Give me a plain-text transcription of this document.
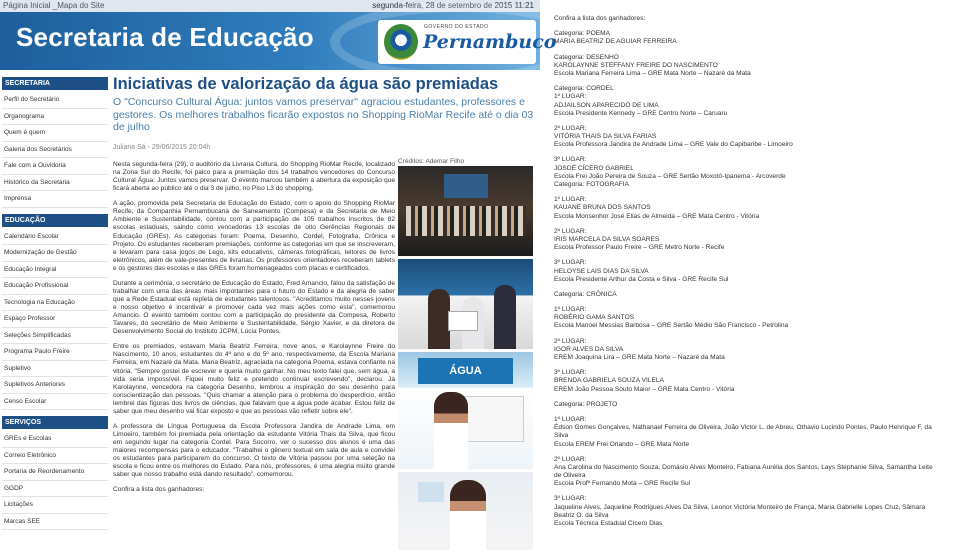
Página Inicial _Mapa do Site	segunda-feira, 28 de setembro de 2015 11:21
Secretaria de Educação	GOVERNO DO ESTADO
Pernambuco
SECRETARIA
Perfil do Secretário
Organograma
Quem é quem
Galeria dos Secretários
Fale com a Ouvidoria
Histórico da Secretaria
Imprensa
EDUCAÇÃO
Calendário Escolar
Modernização de Gestão
Educação Integral
Educação Profissional
Tecnologia na Educação
Espaço Professor
Seleções Simplificadas
Programa Paulo Freire
Supletivo
Supletivos Anteriores
Censo Escolar
SERVIÇOS
GREs e Escolas
Correio Eletrônico
Portaria de Reordenamento
GGDP
Licitações
Marcas SEE
Iniciativas de valorização da água são premiadas
O "Concurso Cultural Água: juntos vamos preservar" agraciou estudantes, professores e gestores. Os melhores trabalhos ficarão expostos no Shopping RioMar Recife até o dia 03 de julho
Juliana Sá - 29/06/2015 20:04h

Nesta segunda-feira (29), o auditório da Livraria Cultura, do Shopping RioMar Recife, localizado na Zona Sul do Recife, foi palco para a premiação dos 14 trabalhos vencedores do Concurso Cultural Água: Juntos vamos preservar. O evento marcou também a abertura da exposição que ficará aberta ao público até o dia 3 de julho, no Piso L3 do shopping.

A ação, promovida pela Secretaria de Educação do Estado, com o apoio do Shopping RioMar Recife, da Companhia Pernambucana de Saneamento (Compesa) e da Secretaria de Meio Ambiente e Sustentabilidade, contou com a participação de 105 trabalhos inscritos de 82 escolas estaduais, saindo como vencedoras 13 escolas de oito Gerências Regionais de Educação (GREs). As categorias foram: Poema, Desenho, Cordel, Fotografia, Crônica e Projeto. Os estudantes receberam premiações, conforme as categorias em que se inscreveram, e levaram para casa jogos de Lego, kits educativos, câmeras fotográficas, leitores de livros eletrônicos, além de vale-presentes de livrarias. Os professores orientadores receberam tablets e os gestores das escolas e das GREs foram homenageados com placas e certificados.

Durante a cerimônia, o secretário de Educação do Estado, Fred Amancio, falou da satisfação de trabalhar com uma das áreas mais importantes para o futuro do Estado e da alegria de saber que a Rede Estadual está repleta de estudantes talentosos. "Acreditamos muito nesses jovens e nosso objetivo é incentivar e promover cada vez mais ações como esta", comemorou Amancio. O evento também contou com a participação do presidente da Compesa, Roberto Tavares, do secretário de Meio Ambiente e Sustentabilidade, Sérgio Xavier, e da diretora de Desenvolvimento Social do Instituto JCPM, Lúcia Pontes.

Entre os premiados, estavam Maria Beatriz Ferreira, nove anos, e Karolaynne Freire do Nascimento, 10 anos, estudantes do 4º ano e do 5º ano, respectivamente, da Escola Mariana Ferreira, em Nazaré da Mata. Maria Beatriz, agraciada na categoria Poema, estava confiante na vitória. "Sempre gostei de escrever e queria muito ganhar. No meu texto falei que, sem água, a vida seria impossível. Fiquei muito feliz e pretendo continuar escrevendo", declarou. Já Karolaynne, vencedora na categoria Desenho, lembrou a inspiração do seu desenho para conscientização das pessoas. "Quis chamar a atenção para o problema do desperdício, então lembrei das figuras dos livros de ciências, que falavam que a água pode acabar. Estou feliz de saber que meu desenho vai ficar exposto e que as pessoas vão refletir sobre ele".

A professora de Língua Portuguesa da Escola Professora Jandira de Andrade Lima, em Limoeiro, também foi premiada pela orientação da estudante Vitória Thais da Silva, que ficou em segundo lugar na categoria Cordel. Para Socorro, ver o sucesso dos alunos é uma das maiores recompensas para o educador. "Trabalhei o gênero textual em sala de aula e convidei os estudantes para participarem do concurso. O texto de Vitória passou por uma seleção na escola e ficou entre os melhores do Estado. Para nós, professores, é uma alegria muito grande saber que nosso trabalho está dando resultado", comemorou.

Confira a lista dos ganhadores:

Créditos: Ademar Filho
ÁGUA
Confira a lista dos ganhadores:
Categoria: POEMA
MARIA BEATRIZ DE AGUIAR FERREIRA
Categoria: DESENHO
KAROLAYNNE STEFFANY FREIRE DO NASCIMENTO
Escola Mariana Ferreira Lima – GRE Mata Norte – Nazaré da Mata
Categoria: CORDEL
1º LUGAR:
ADJAILSON APARECIDO DE LIMA
Escola Presidente Kennedy – GRE Centro Norte – Caruaru
2º LUGAR:
VITÓRIA THAIS DA SILVA FARIAS
Escola Professora Jandira de Andrade Lima – GRE Vale do Capibaribe - Limoeiro
3º LUGAR:
JOSDÉ CÍCERO GABRIEL
Escola Frei João Pereira de Souza – GRE Sertão Moxotó-Ipanema - Arcoverde
Categoria: FOTOGRAFIA
1º LUGAR:
KAUANE BRUNA DOS SANTOS
Escola Monsenhor José Elias de Almeida – GRE Mata Centro - Vitória
2º LUGAR:
IRIS MARCELA DA SILVA SOARES
Escola Professor Paulo Freire – GRE Metro Norte - Recife
3º LUGAR:
HELOYSE LAIS DIAS DA SILVA
Escola Presidente Arthur da Costa e Silva - GRE Recife Sul
Categoria: CRÔNICA
1º LUGAR:
ROBÉRIO GAMA SANTOS
Escola Manoel Messias Barbosa – GRE Sertão Médio São Francisco - Petrolina
2º LUGAR:
IGOR ALVES DA SILVA
EREM Joaquina Lira – GRE Mata Norte – Nazaré da Mata
3º LUGAR:
BRENDA GABRIELA SOUZA VILELA
EREM João Pessoa Souto Maior – GRE Mata Centro - Vitória
Categoria: PROJETO
1º LUGAR:
Édson Gomes Gonçalves, Nathanael Ferreira de Oliveira, João Victor L. de Abreu, Othavio Lucindo Pontes, Paulo Henrique F. da
Silva
Escola EREM Frei Orlando – GRE Mata Norte
2º LUGAR:
Ana Carolina do Nascimento Souza, Domásio Alves Monteiro, Fabiana Aurélia dos Santos, Lays Stephanie Silva, Samantha Leite
de Oliveira
Escola Profº Fernando Mota – GRE Recife Sul
3º LUGAR:
Jaqueline Alves, Jaqueline Rodrigues Alves Da Silva, Leonor Victória Monteiro de França, Maria Gabrielle Lopes Cruz, Sâmara
Beatriz O. da Silva
Escola Técnica Estadual Cícero Dias
